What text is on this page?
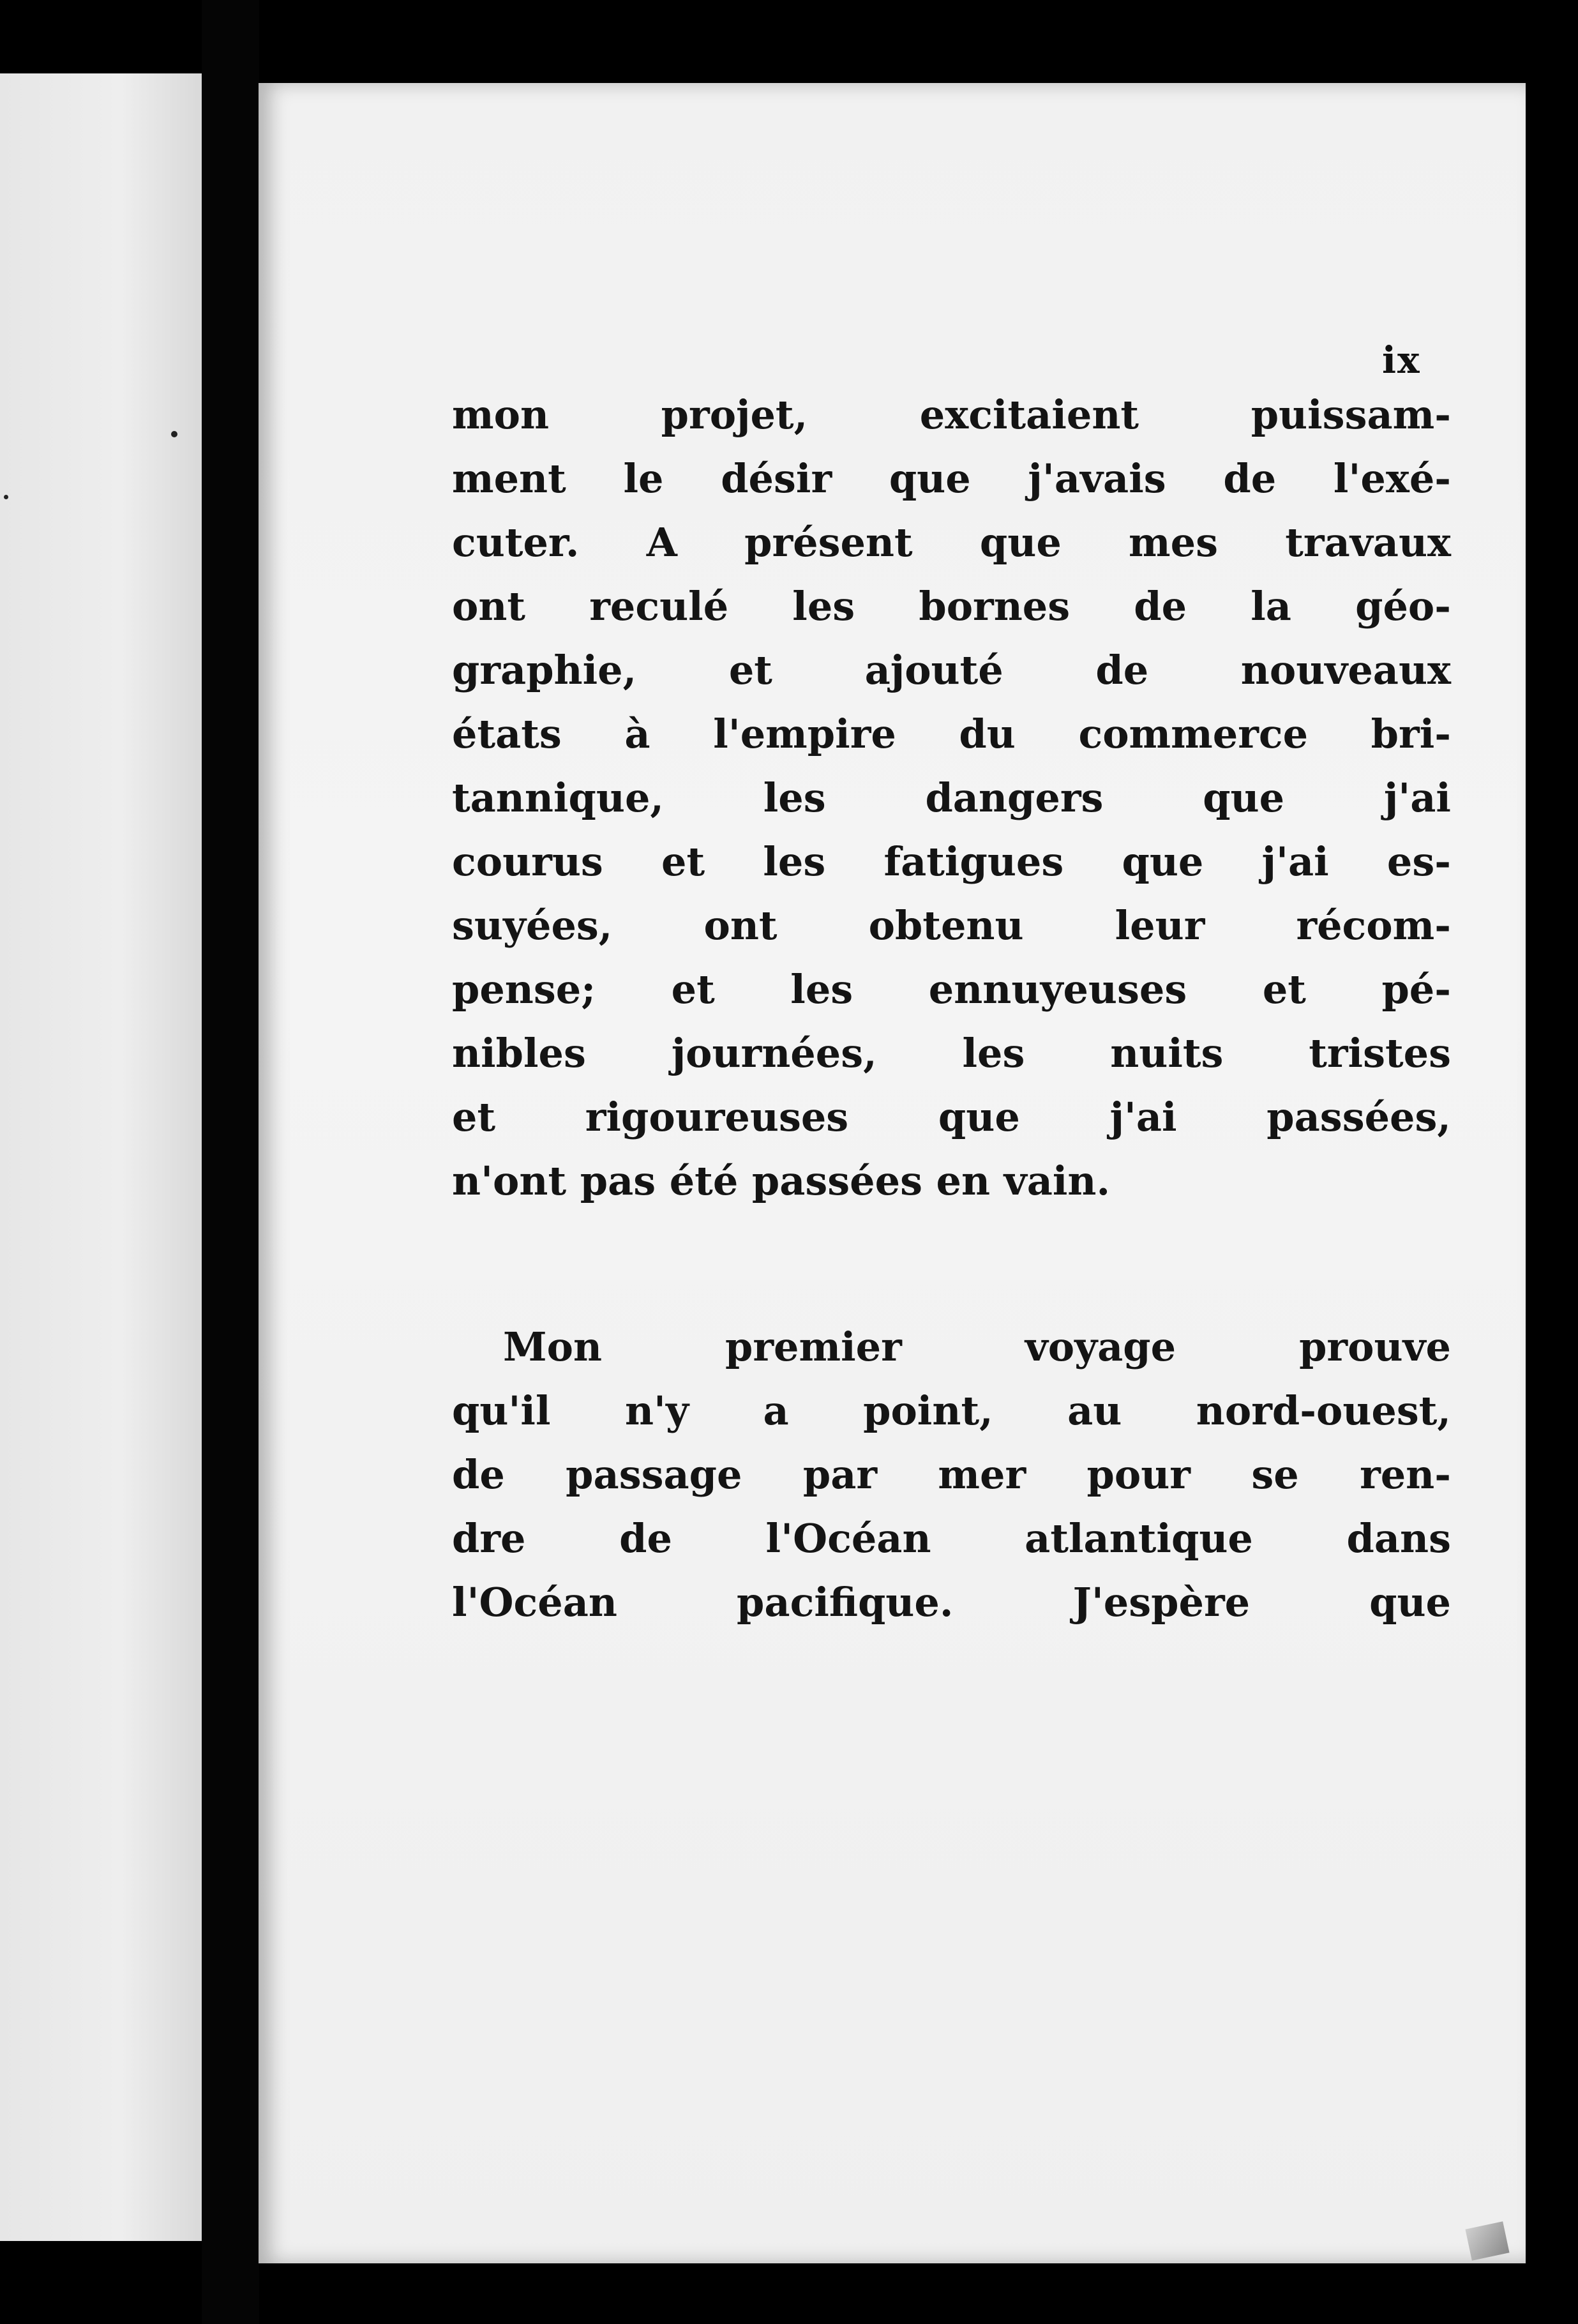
ix
mon projet, excitaient puissam-
ment le désir que j'avais de l'exé-
cuter. A présent que mes travaux
ont reculé les bornes de la géo-
graphie, et ajouté de nouveaux
états à l'empire du commerce bri-
tannique, les dangers que j'ai
courus et les fatigues que j'ai es-
suyées, ont obtenu leur récom-
pense; et les ennuyeuses et pé-
nibles journées, les nuits tristes
et rigoureuses que j'ai passées,
n'ont pas été passées en vain.
Mon premier voyage prouve
qu'il n'y a point, au nord-ouest,
de passage par mer pour se ren-
dre de l'Océan atlantique dans
l'Océan pacifique. J'espère que
